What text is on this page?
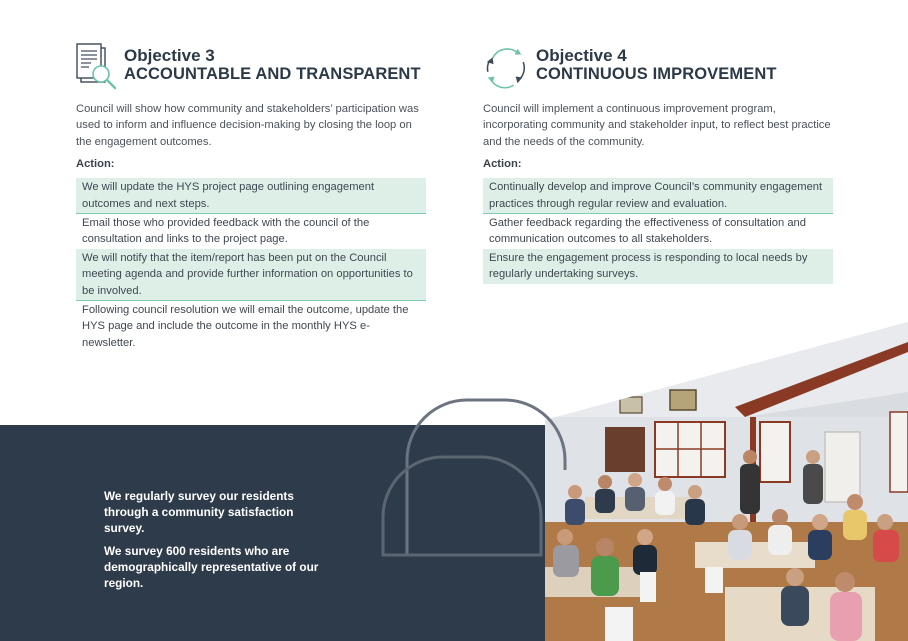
Objective 3
ACCOUNTABLE AND TRANSPARENT

Council will show how community and stakeholders’ participation was used to inform and influence decision-making by closing the loop on the engagement outcomes.

Action:

We will update the HYS project page outlining engagement outcomes and next steps.
Email those who provided feedback with the council of the consultation and links to the project page.
We will notify that the item/report has been put on the Council meeting agenda and provide further information on opportunities to be involved.
Following council resolution we will email the outcome, update the HYS page and include the outcome in the monthly HYS e-newsletter.
Objective 4
CONTINUOUS IMPROVEMENT

Council will implement a continuous improvement program, incorporating community and stakeholder input, to reflect best practice and the needs of the community.

Action:

Continually develop and improve Council’s community engagement practices through regular review and evaluation.
Gather feedback regarding the effectiveness of consultation and communication outcomes to all stakeholders.
Ensure the engagement process is responding to local needs by regularly undertaking surveys.

We regularly survey our residents through a community satisfaction survey.

We survey 600 residents who are demographically representative of our region.
